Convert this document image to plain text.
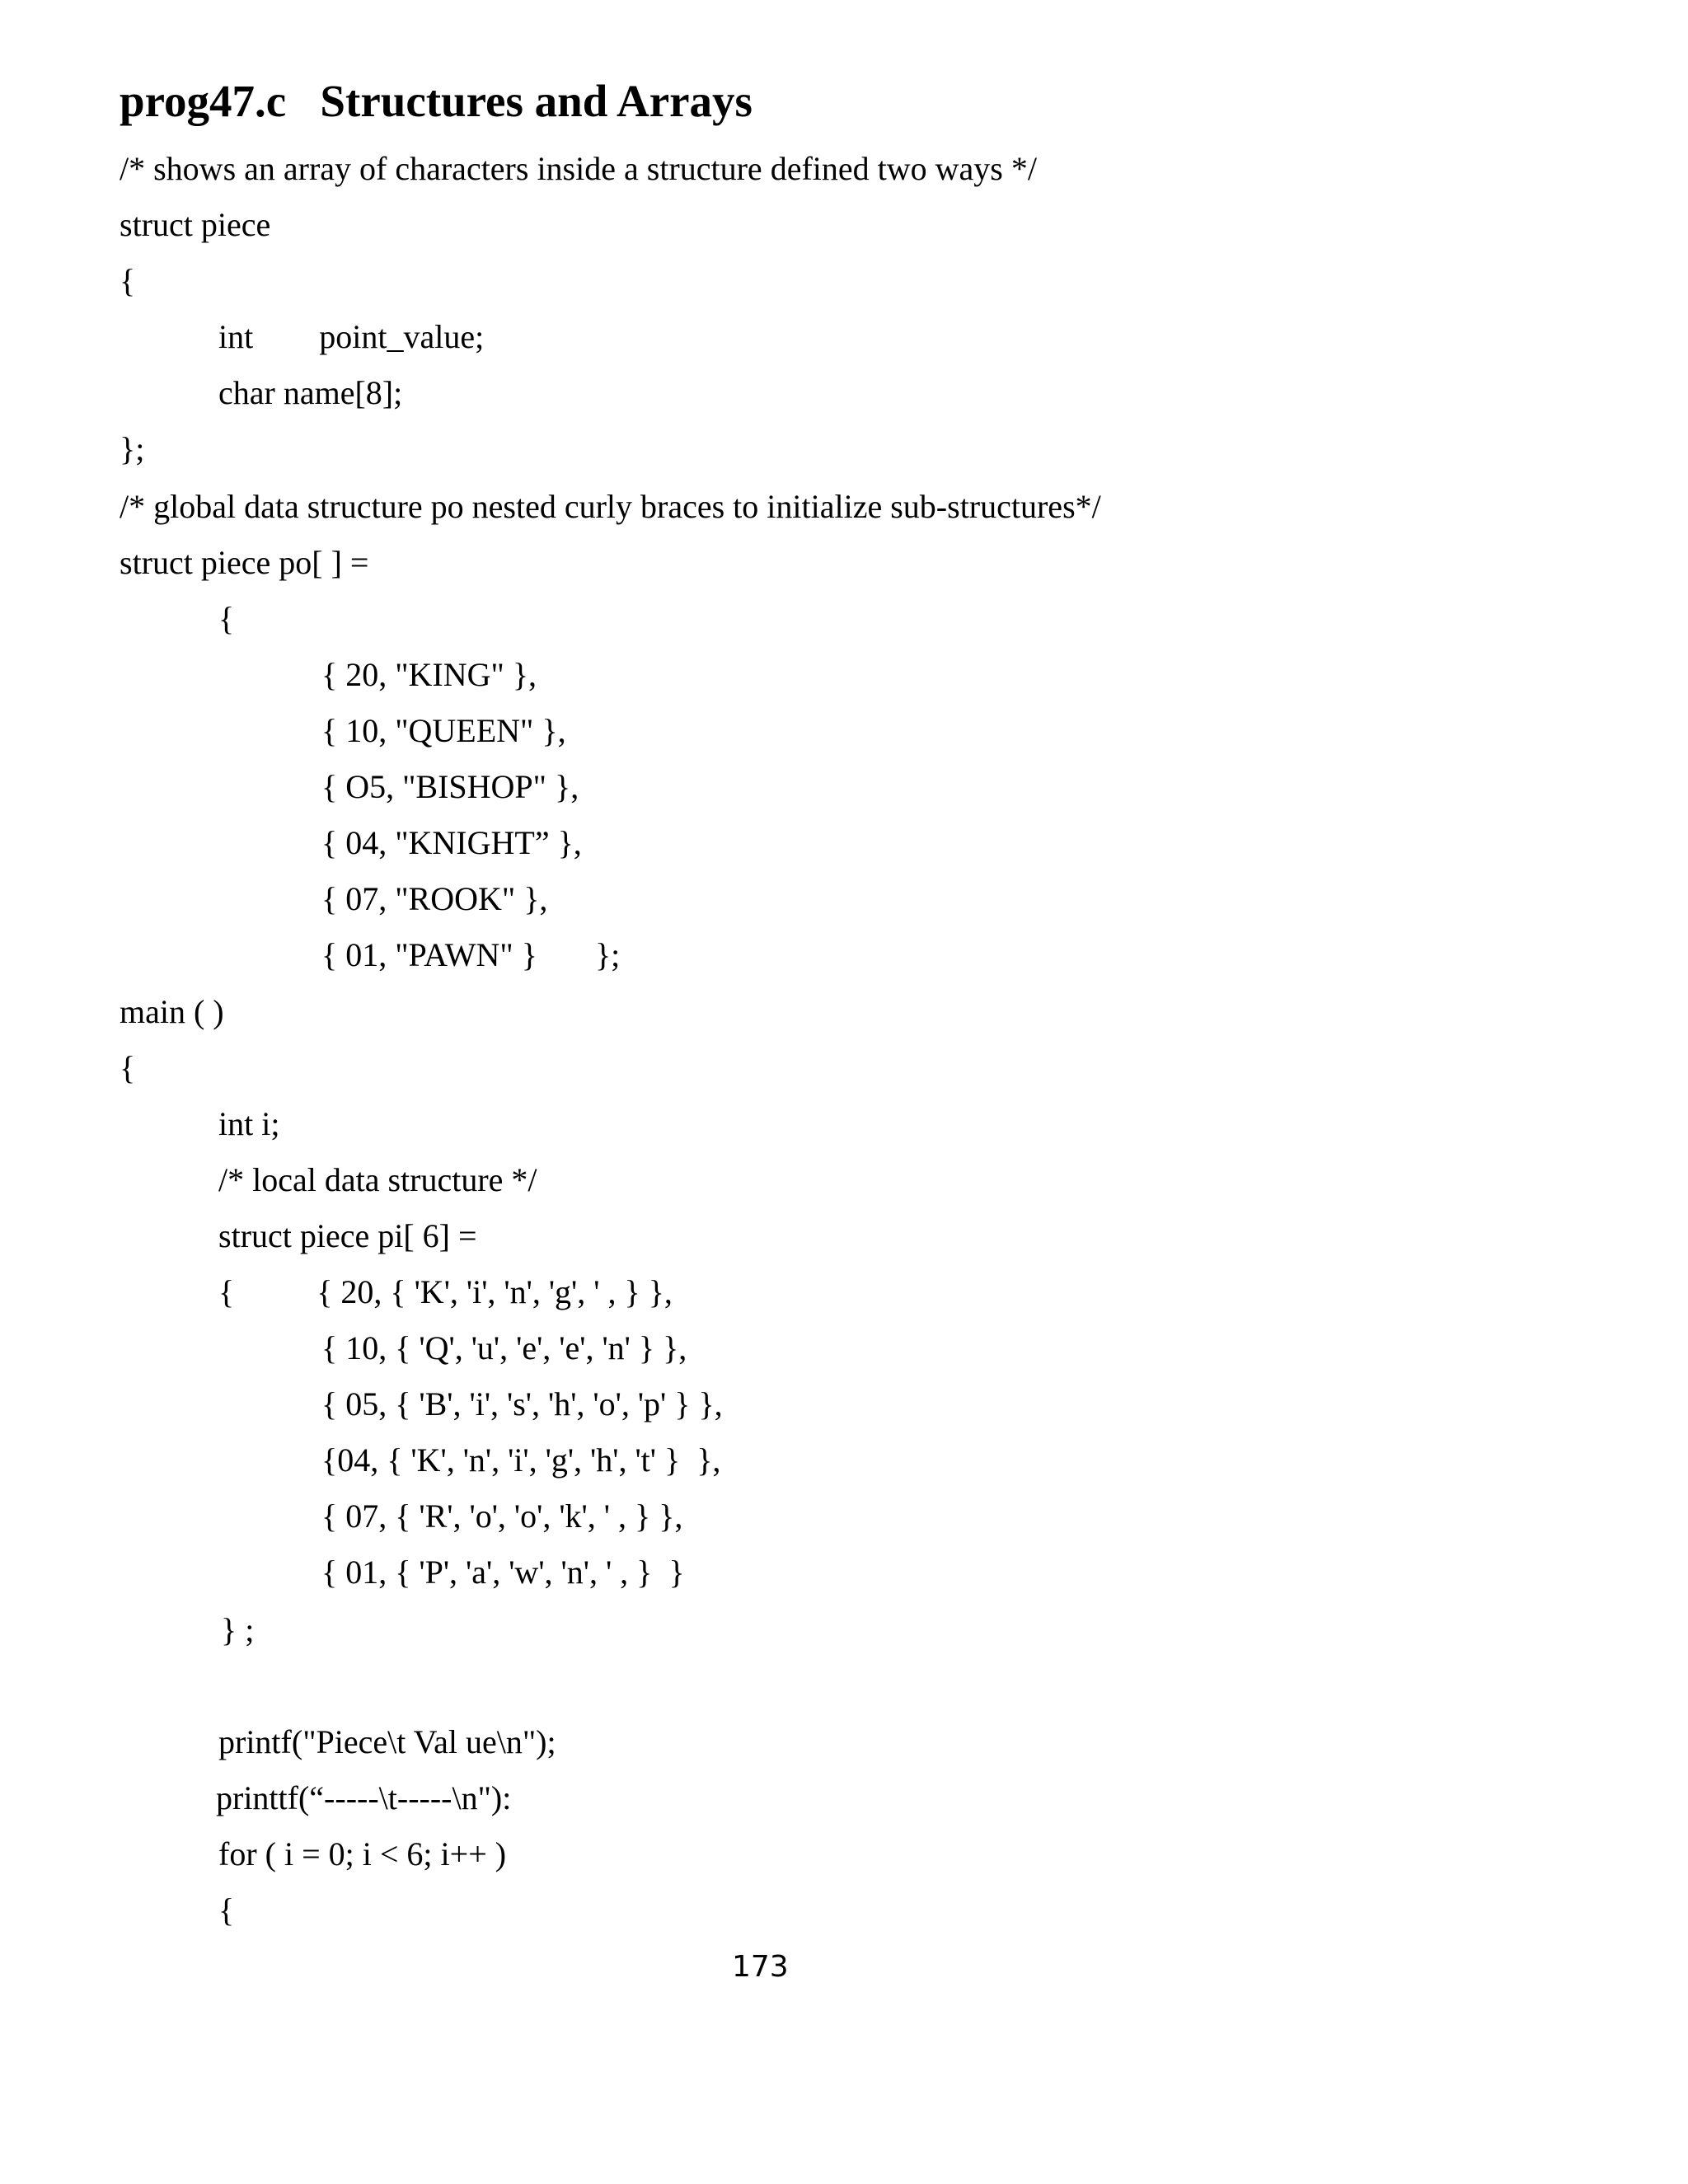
prog47.c   Structures and Arrays
/* shows an array of characters inside a structure defined two ways */
struct piece
{
int        point_value;
char name[8];
};
/* global data structure po nested curly braces to initialize sub-structures*/
struct piece po[ ] =
{
{ 20, "KING" },
{ 10, "QUEEN" },
{ O5, "BISHOP" },
{ 04, "KNIGHT” },
{ 07, "ROOK" },
{ 01, "PAWN" }       };
main ( )
{
int i;
/* local data structure */
struct piece pi[ 6] =
{          { 20, { 'K', 'i', 'n', 'g', ' , } },
{ 10, { 'Q', 'u', 'e', 'e', 'n' } },
{ 05, { 'B', 'i', 's', 'h', 'o', 'p' } },
{04, { 'K', 'n', 'i', 'g', 'h', 't' }  },
{ 07, { 'R', 'o', 'o', 'k', ' , } },
{ 01, { 'P', 'a', 'w', 'n', ' , }  }
} ;
printf("Piece\t Val ue\n");
printtf(“-----\t-----\n"):
for ( i = 0; i < 6; i++ )
{
173
